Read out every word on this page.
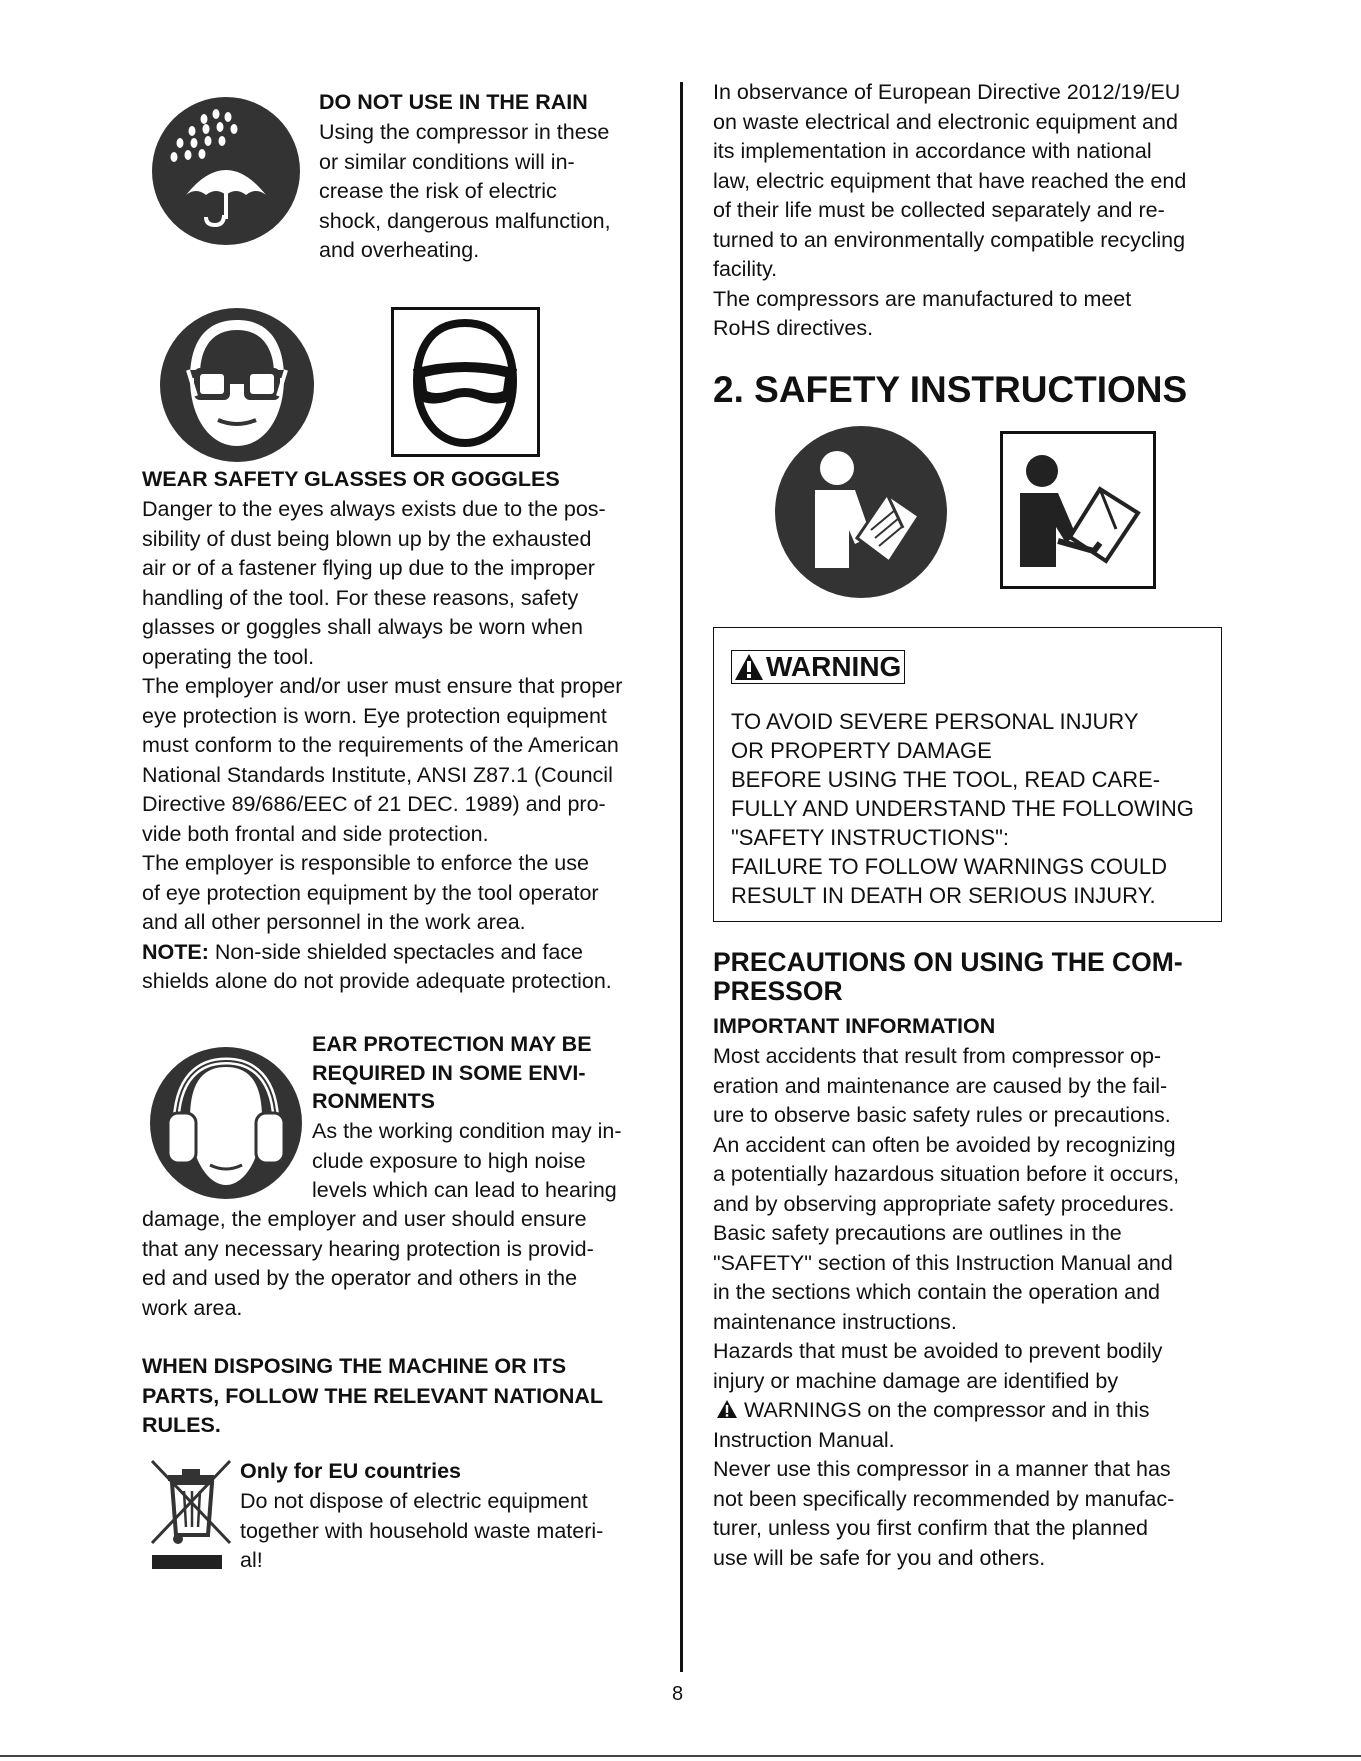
DO NOT USE IN THE RAIN
Using the compressor in these
or similar conditions will in-
crease the risk of electric
shock, dangerous malfunction,
and overheating.
WEAR SAFETY GLASSES OR GOGGLES
Danger to the eyes always exists due to the pos-
sibility of dust being blown up by the exhausted
air or of a fastener flying up due to the improper
handling of the tool. For these reasons, safety
glasses or goggles shall always be worn when
operating the tool.
The employer and/or user must ensure that proper
eye protection is worn. Eye protection equipment
must conform to the requirements of the American
National Standards Institute, ANSI Z87.1 (Council
Directive 89/686/EEC of 21 DEC. 1989) and pro-
vide both frontal and side protection.
The employer is responsible to enforce the use
of eye protection equipment by the tool operator
and all other personnel in the work area.
NOTE: Non-side shielded spectacles and face
shields alone do not provide adequate protection.
EAR PROTECTION MAY BE
REQUIRED IN SOME ENVI-
RONMENTS
As the working condition may in-
clude exposure to high noise
levels which can lead to hearing
damage, the employer and user should ensure
that any necessary hearing protection is provid-
ed and used by the operator and others in the
work area.
WHEN DISPOSING THE MACHINE OR ITS
PARTS, FOLLOW THE RELEVANT NATIONAL
RULES.
Only for EU countries
Do not dispose of electric equipment
together with household waste materi-
al!
In observance of European Directive 2012/19/EU
on waste electrical and electronic equipment and
its implementation in accordance with national
law, electric equipment that have reached the end
of their life must be collected separately and re-
turned to an environmentally compatible recycling
facility.
The compressors are manufactured to meet
RoHS directives.
2. SAFETY INSTRUCTIONS
WARNING
TO AVOID SEVERE PERSONAL INJURY
OR PROPERTY DAMAGE
BEFORE USING THE TOOL, READ CARE-
FULLY AND UNDERSTAND THE FOLLOWING
"SAFETY INSTRUCTIONS":
FAILURE TO FOLLOW WARNINGS COULD
RESULT IN DEATH OR SERIOUS INJURY.
PRECAUTIONS ON USING THE COM-
PRESSOR
IMPORTANT INFORMATION
Most accidents that result from compressor op-
eration and maintenance are caused by the fail-
ure to observe basic safety rules or precautions.
An accident can often be avoided by recognizing
a potentially hazardous situation before it occurs,
and by observing appropriate safety procedures.
Basic safety precautions are outlines in the
"SAFETY" section of this Instruction Manual and
in the sections which contain the operation and
maintenance instructions.
Hazards that must be avoided to prevent bodily
injury or machine damage are identified by
WARNINGS on the compressor and in this
Instruction Manual.
Never use this compressor in a manner that has
not been specifically recommended by manufac-
turer, unless you first confirm that the planned
use will be safe for you and others.
8
